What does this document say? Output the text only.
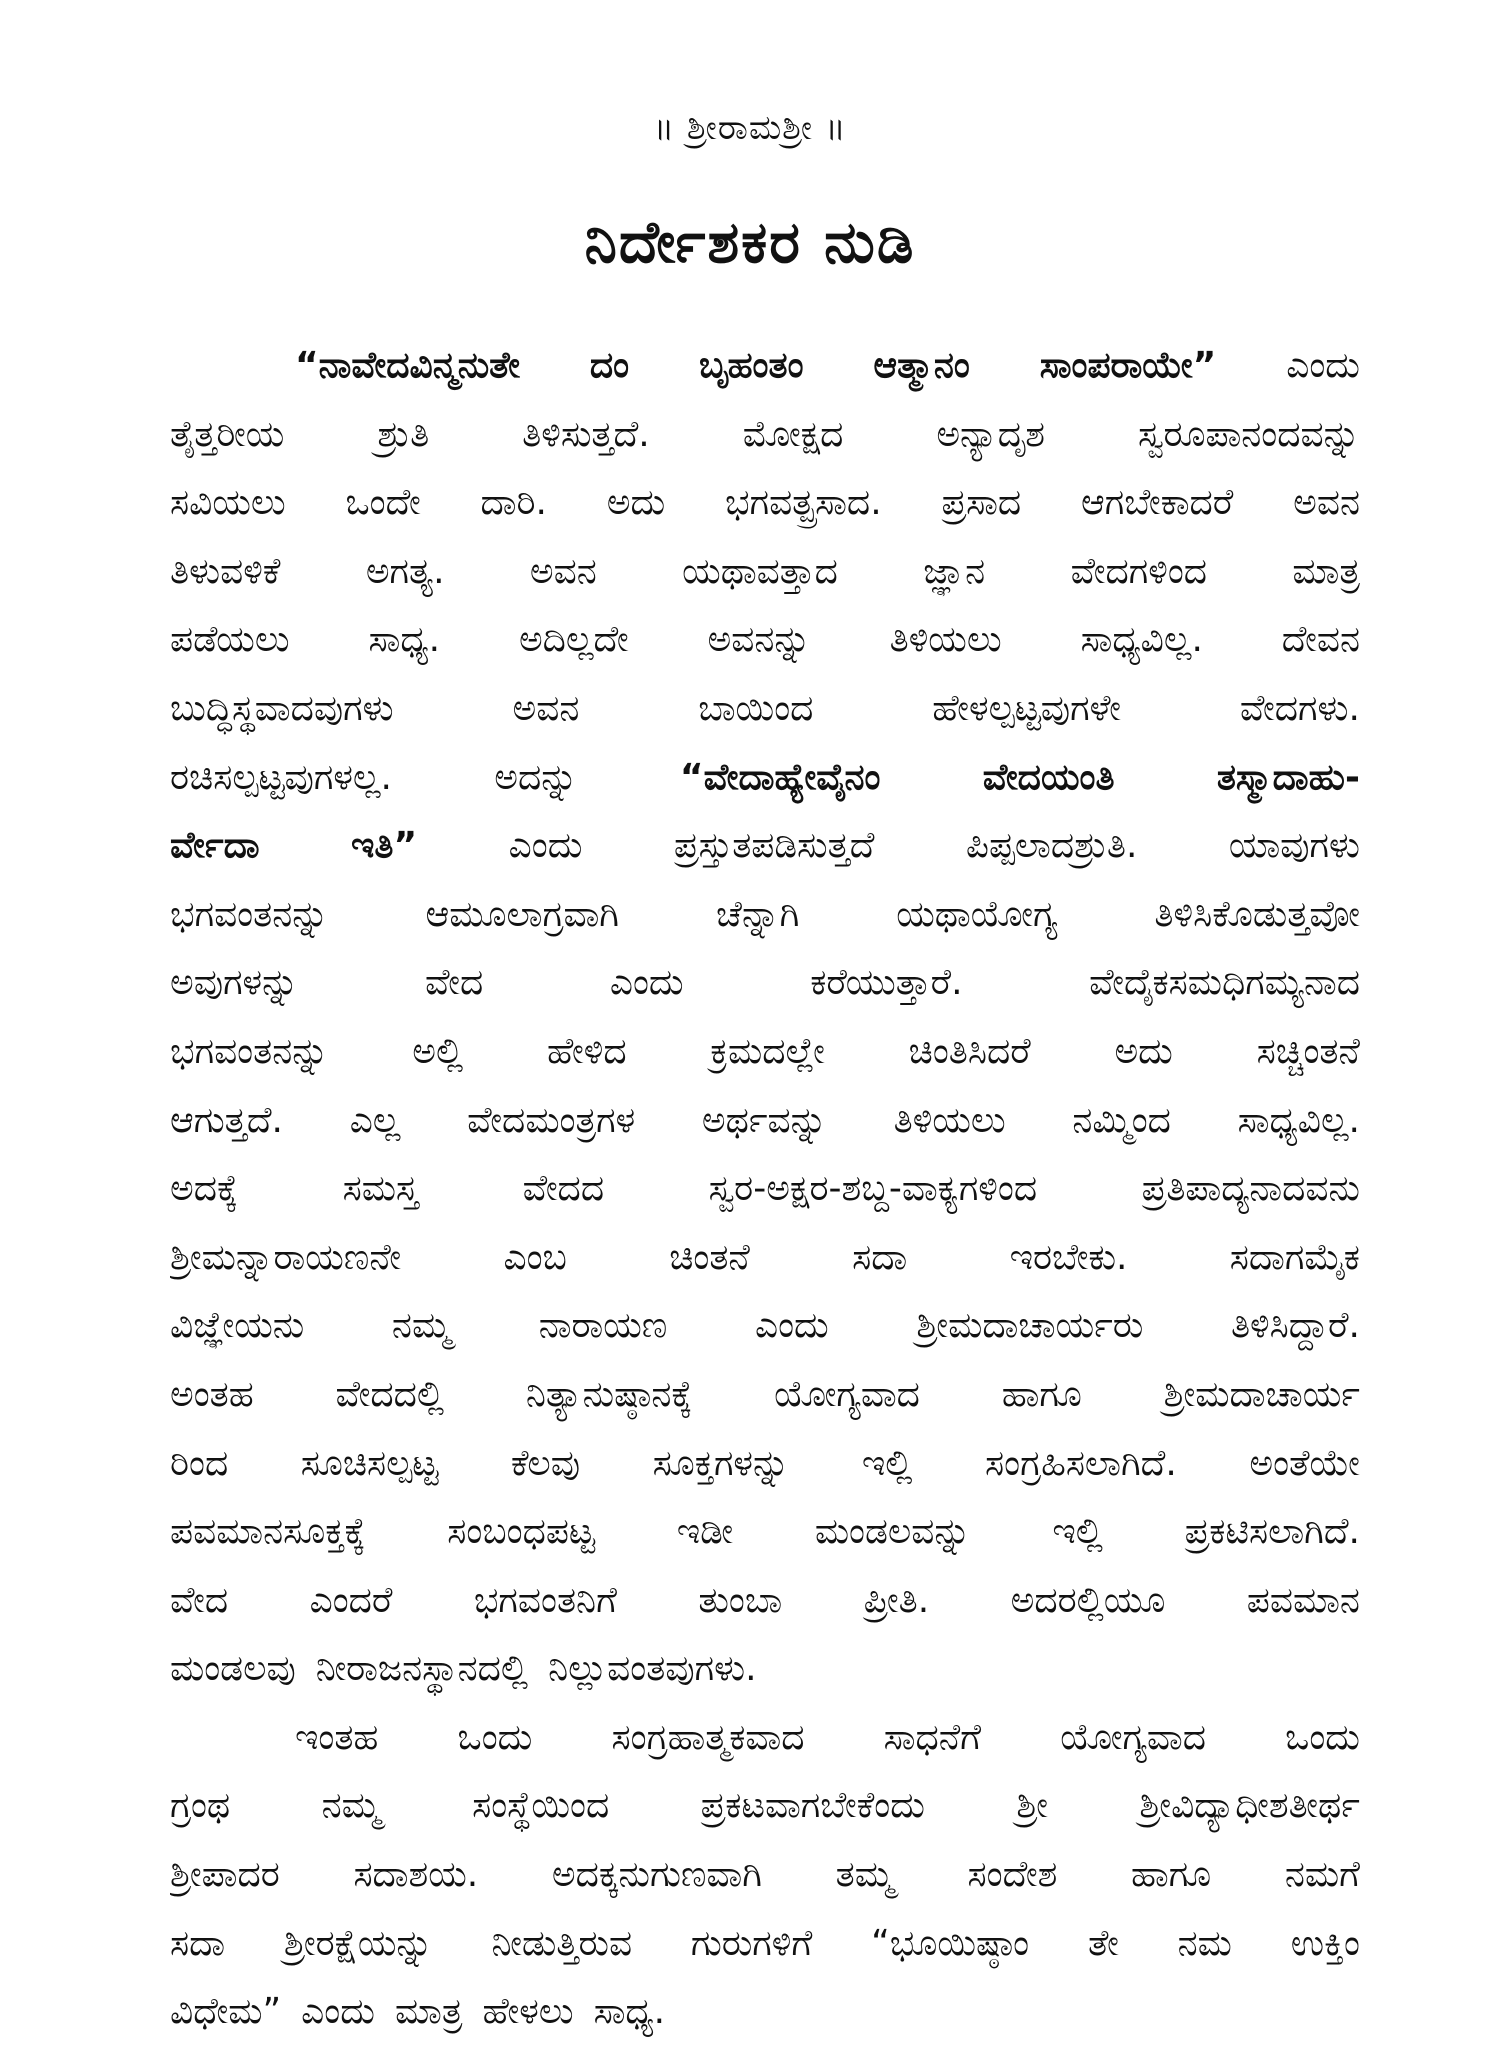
॥ ಶ್ರೀರಾಮಶ್ರೀ ॥
ನಿರ್ದೇಶಕರ ನುಡಿ
“ನಾವೇದವಿನ್ಮನುತೇ ದಂ ಬೃಹಂತಂ ಆತ್ಮಾನಂ ಸಾಂಪರಾಯೇ” ಎಂದು
ತೈತ್ತರೀಯ	ಶ್ರುತಿ	ತಿಳಿಸುತ್ತದೆ.	ಮೋಕ್ಷದ	ಅನ್ಯಾದೃಶ	ಸ್ವರೂಪಾನಂದವನ್ನು
ಸವಿಯಲು ಒಂದೇ ದಾರಿ. ಅದು ಭಗವತ್ಪ್ರಸಾದ. ಪ್ರಸಾದ ಆಗಬೇಕಾದರೆ ಅವನ
ತಿಳುವಳಿಕೆ ಅಗತ್ಯ. ಅವನ ಯಥಾವತ್ತಾದ ಜ್ಞಾನ ವೇದಗಳಿಂದ ಮಾತ್ರ
ಪಡೆಯಲು ಸಾಧ್ಯ. ಅದಿಲ್ಲದೇ ಅವನನ್ನು ತಿಳಿಯಲು ಸಾಧ್ಯವಿಲ್ಲ. ದೇವನ
ಬುದ್ಧಿಸ್ಥವಾದವುಗಳು	ಅವನ	ಬಾಯಿಂದ	ಹೇಳಲ್ಪಟ್ಟವುಗಳೇ	ವೇದಗಳು.
ರಚಿಸಲ್ಪಟ್ಟವುಗಳಲ್ಲ.	ಅದನ್ನು	“ವೇದಾಹ್ಯೇವೈನಂ	ವೇದಯಂತಿ	ತಸ್ಮಾದಾಹು-
ರ್ವೇದಾ	ಇತಿ”	ಎಂದು	ಪ್ರಸ್ತುತಪಡಿಸುತ್ತದೆ	ಪಿಪ್ಪಲಾದಶ್ರುತಿ.	ಯಾವುಗಳು
ಭಗವಂತನನ್ನು	ಆಮೂಲಾಗ್ರವಾಗಿ	ಚೆನ್ನಾಗಿ	ಯಥಾಯೋಗ್ಯ	ತಿಳಿಸಿಕೊಡುತ್ತವೋ
ಅವುಗಳನ್ನು	ವೇದ	ಎಂದು	ಕರೆಯುತ್ತಾರೆ.	ವೇದೈಕಸಮಧಿಗಮ್ಯನಾದ
ಭಗವಂತನನ್ನು ಅಲ್ಲಿ ಹೇಳಿದ ಕ್ರಮದಲ್ಲೇ ಚಿಂತಿಸಿದರೆ ಅದು ಸಚ್ಚಿಂತನೆ
ಆಗುತ್ತದೆ. ಎಲ್ಲ ವೇದಮಂತ್ರಗಳ ಅರ್ಥವನ್ನು ತಿಳಿಯಲು ನಮ್ಮಿಂದ ಸಾಧ್ಯವಿಲ್ಲ.
ಅದಕ್ಕೆ	ಸಮಸ್ತ	ವೇದದ	ಸ್ವರ-ಅಕ್ಷರ-ಶಬ್ದ-ವಾಕ್ಯಗಳಿಂದ	ಪ್ರತಿಪಾದ್ಯನಾದವನು
ಶ್ರೀಮನ್ನಾರಾಯಣನೇ	ಎಂಬ	ಚಿಂತನೆ	ಸದಾ	ಇರಬೇಕು.	ಸದಾಗಮೈಕ
ವಿಜ್ಞೇಯನು ನಮ್ಮ ನಾರಾಯಣ ಎಂದು ಶ್ರೀಮದಾಚಾರ್ಯರು ತಿಳಿಸಿದ್ದಾರೆ.
ಅಂತಹ ವೇದದಲ್ಲಿ ನಿತ್ಯಾನುಷ್ಠಾನಕ್ಕೆ ಯೋಗ್ಯವಾದ ಹಾಗೂ ಶ್ರೀಮದಾಚಾರ್ಯ
ರಿಂದ ಸೂಚಿಸಲ್ಪಟ್ಟ ಕೆಲವು ಸೂಕ್ತಗಳನ್ನು ಇಲ್ಲಿ ಸಂಗ್ರಹಿಸಲಾಗಿದೆ. ಅಂತೆಯೇ
ಪವಮಾನಸೂಕ್ತಕ್ಕೆ ಸಂಬಂಧಪಟ್ಟ ಇಡೀ ಮಂಡಲವನ್ನು ಇಲ್ಲಿ ಪ್ರಕಟಿಸಲಾಗಿದೆ.
ವೇದ ಎಂದರೆ ಭಗವಂತನಿಗೆ ತುಂಬಾ ಪ್ರೀತಿ. ಅದರಲ್ಲಿಯೂ ಪವಮಾನ
ಮಂಡಲವು ನೀರಾಜನಸ್ಥಾನದಲ್ಲಿ ನಿಲ್ಲುವಂತವುಗಳು.
ಇಂತಹ ಒಂದು ಸಂಗ್ರಹಾತ್ಮಕವಾದ ಸಾಧನೆಗೆ ಯೋಗ್ಯವಾದ ಒಂದು
ಗ್ರಂಥ	ನಮ್ಮ	ಸಂಸ್ಥೆಯಿಂದ	ಪ್ರಕಟವಾಗಬೇಕೆಂದು	ಶ್ರೀ	ಶ್ರೀವಿದ್ಯಾಧೀಶತೀರ್ಥ
ಶ್ರೀಪಾದರ ಸದಾಶಯ. ಅದಕ್ಕನುಗುಣವಾಗಿ ತಮ್ಮ ಸಂದೇಶ ಹಾಗೂ ನಮಗೆ
ಸದಾ ಶ್ರೀರಕ್ಷೆಯನ್ನು ನೀಡುತ್ತಿರುವ ಗುರುಗಳಿಗೆ “ಭೂಯಿಷ್ಠಾಂ ತೇ ನಮ ಉಕ್ತಿಂ
ವಿಧೇಮ” ಎಂದು ಮಾತ್ರ ಹೇಳಲು ಸಾಧ್ಯ.
